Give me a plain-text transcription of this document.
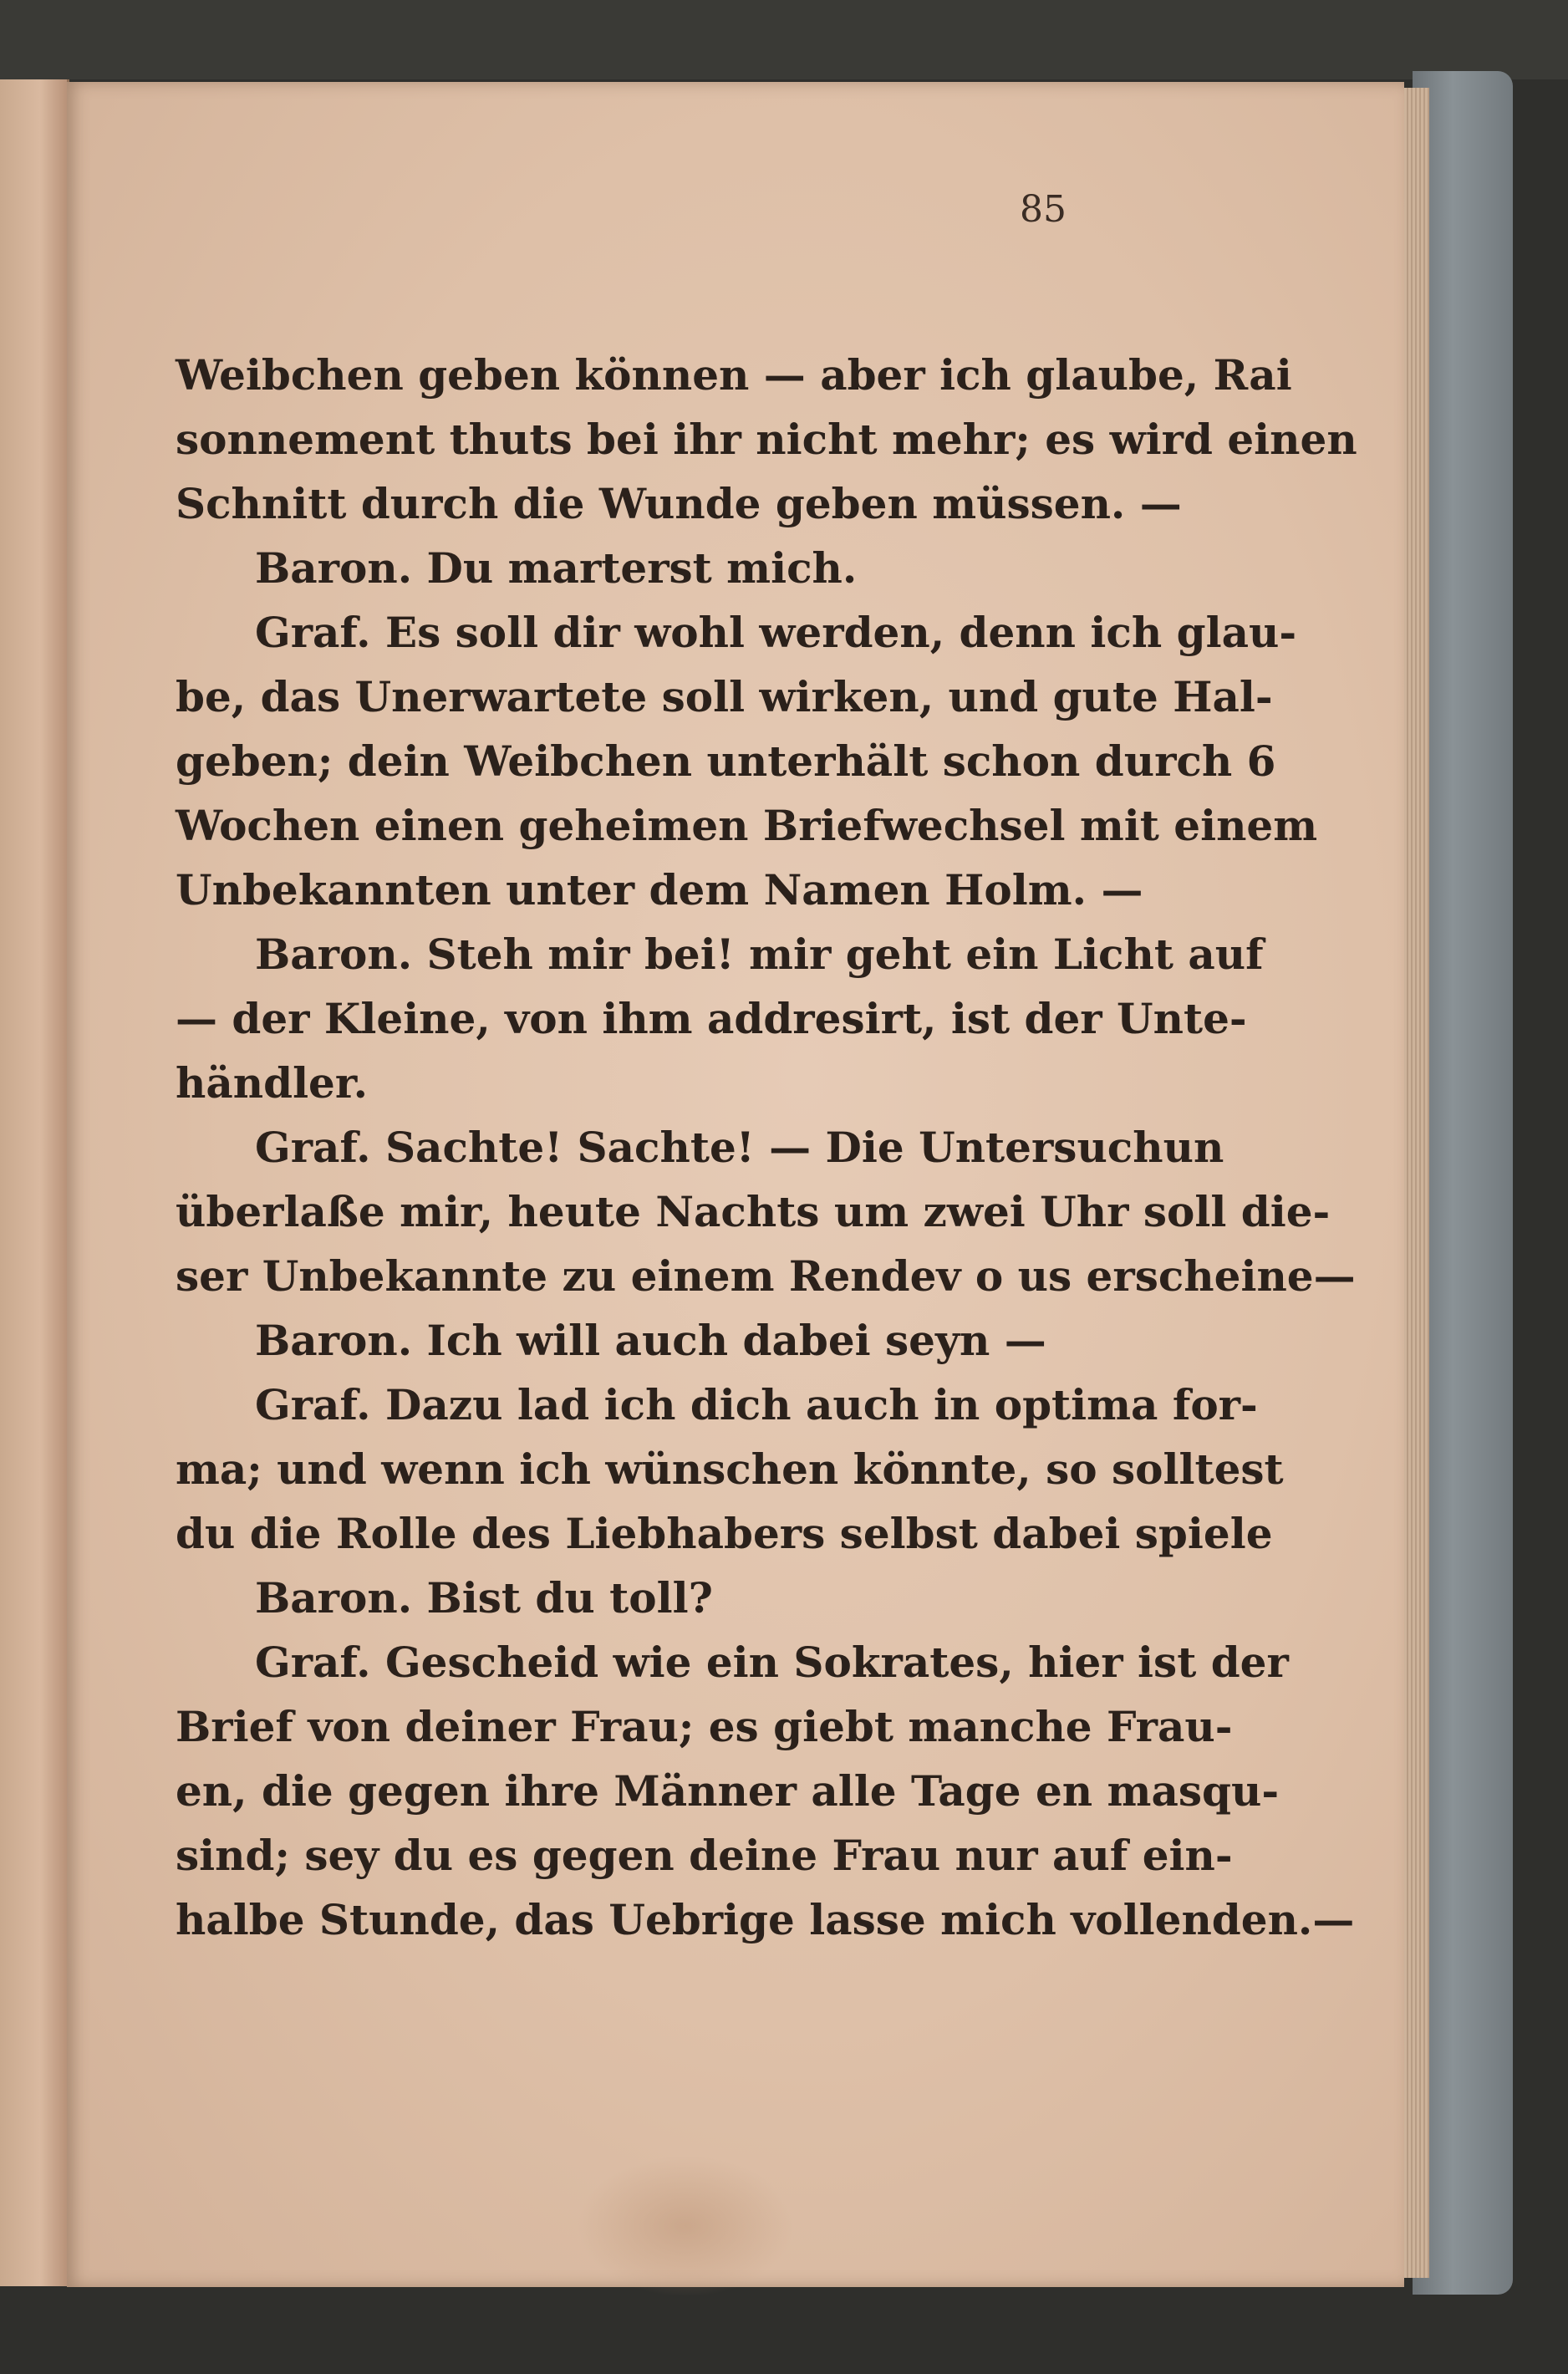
85
Weibchen geben können — aber ich glaube, Rai
sonnement thuts bei ihr nicht mehr; es wird einen
Schnitt durch die Wunde geben müssen. —
Baron. Du marterst mich.
Graf. Es soll dir wohl werden, denn ich glau-
be, das Unerwartete soll wirken, und gute Hal-
geben; dein Weibchen unterhält schon durch 6
Wochen einen geheimen Briefwechsel mit einem
Unbekannten unter dem Namen Holm. —
Baron. Steh mir bei! mir geht ein Licht auf
— der Kleine, von ihm addresirt, ist der Unte-
händler.
Graf. Sachte! Sachte! — Die Untersuchun
überlaße mir, heute Nachts um zwei Uhr soll die-
ser Unbekannte zu einem Rendev o us erscheine—
Baron. Ich will auch dabei seyn —
Graf. Dazu lad ich dich auch in optima for-
ma; und wenn ich wünschen könnte, so solltest
du die Rolle des Liebhabers selbst dabei spiele
Baron. Bist du toll?
Graf. Gescheid wie ein Sokrates, hier ist der
Brief von deiner Frau; es giebt manche Frau-
en, die gegen ihre Männer alle Tage en masqu-
sind; sey du es gegen deine Frau nur auf ein-
halbe Stunde, das Uebrige lasse mich vollenden.—
